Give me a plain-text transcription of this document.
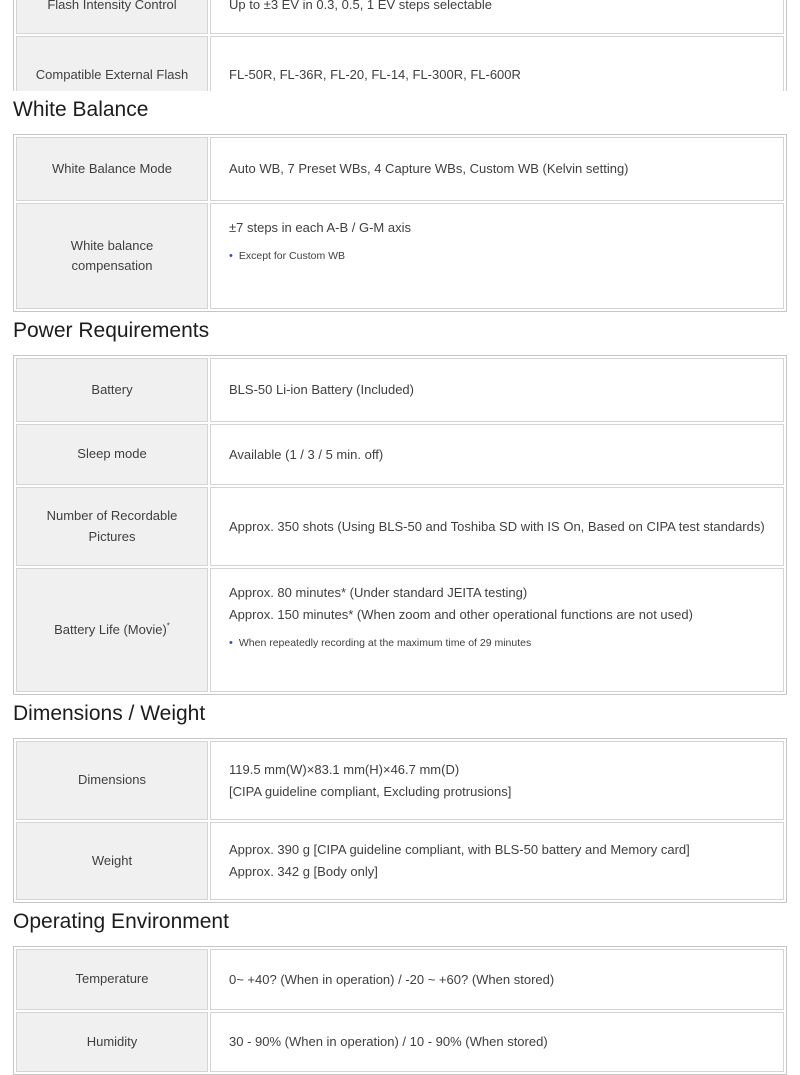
Flash Intensity Control	Up to ±3 EV in 0.3, 0.5, 1 EV steps selectable

Compatible External Flash	FL-50R, FL-36R, FL-20, FL-14, FL-300R, FL-600R
White Balance
White Balance Mode	Auto WB, 7 Preset WBs, 4 Capture WBs, Custom WB (Kelvin setting)

White balance compensation	±7 steps in each A-B / G-M axis
• Except for Custom WB
Power Requirements
Battery	BLS-50 Li-ion Battery (Included)

Sleep mode	Available (1 / 3 / 5 min. off)

Number of Recordable Pictures	Approx. 350 shots (Using BLS-50 and Toshiba SD with IS On, Based on CIPA test standards)

Battery Life (Movie)*	Approx. 80 minutes* (Under standard JEITA testing)
Approx. 150 minutes* (When zoom and other operational functions are not used)
• When repeatedly recording at the maximum time of 29 minutes
Dimensions / Weight
Dimensions	119.5 mm(W)×83.1 mm(H)×46.7 mm(D)
[CIPA guideline compliant, Excluding protrusions]

Weight	Approx. 390 g [CIPA guideline compliant, with BLS-50 battery and Memory card]
Approx. 342 g [Body only]
Operating Environment
Temperature	0~ +40? (When in operation) / -20 ~ +60? (When stored)

Humidity	30 - 90% (When in operation) / 10 - 90% (When stored)
